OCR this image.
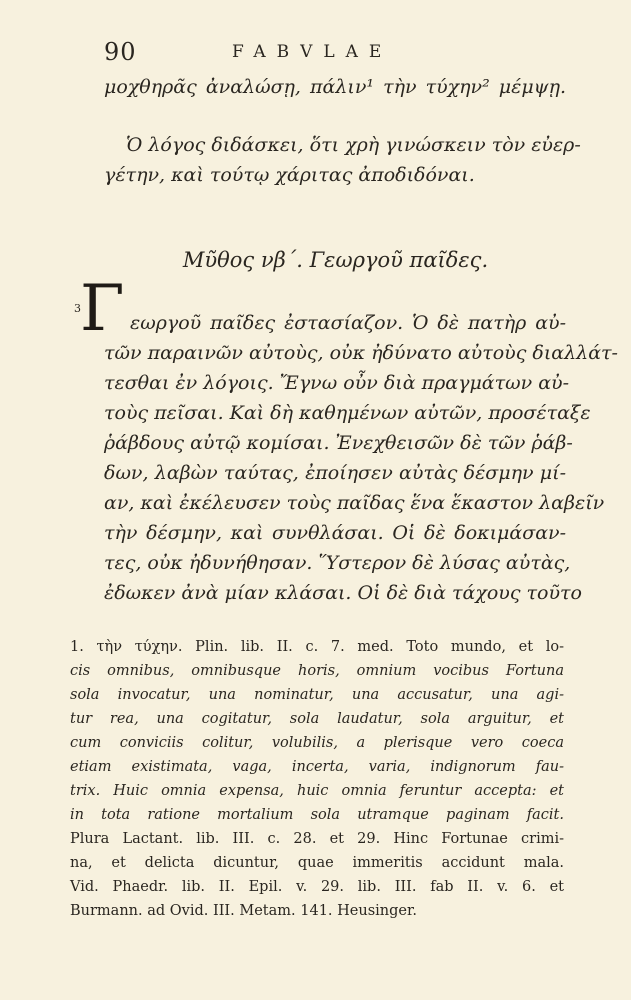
90	FABVLAE
μοχθηρᾶς ἀναλώσῃ, πάλιν¹ τὴν τύχην² μέμψῃ.
Ὁ λόγος διδάσκει, ὅτι χρὴ γινώσκειν τὸν εὐερ-
γέτην, καὶ τούτῳ χάριτας ἀποδιδόναι.
Μῦθος νβ΄. Γεωργοῦ παῖδες.
Γ
3
εωργοῦ παῖδες ἐστασίαζον. Ὁ δὲ πατὴρ αὐ-
τῶν παραινῶν αὐτοὺς, οὐκ ἠδύνατο αὐτοὺς διαλλάτ-
τεσθαι ἐν λόγοις. Ἔγνω οὖν διὰ πραγμάτων αὐ-
τοὺς πεῖσαι. Καὶ δὴ καθημένων αὐτῶν, προσέταξε
ῥάβδους αὐτῷ κομίσαι. Ἐνεχθεισῶν δὲ τῶν ῥάβ-
δων, λαβὼν ταύτας, ἐποίησεν αὐτὰς δέσμην μί-
αν, καὶ ἐκέλευσεν τοὺς παῖδας ἕνα ἕκαστον λαβεῖν
τὴν δέσμην, καὶ συνθλάσαι. Οἱ δὲ δοκιμάσαν-
τες, οὐκ ἠδυνήθησαν. Ὕστερον δὲ λύσας αὐτὰς,
ἐδωκεν ἀνὰ μίαν κλάσαι. Οἱ δὲ διὰ τάχους τοῦτο
1. τὴν τύχην. Plin. lib. II. c. 7. med. Toto mundo, et lo-
cis omnibus, omnibusque horis, omnium vocibus Fortuna
sola invocatur, una nominatur, una accusatur, una agi-
tur rea, una cogitatur, sola laudatur, sola arguitur, et
cum conviciis colitur, volubilis, a plerisque vero coeca
etiam existimata, vaga, incerta, varia, indignorum fau-
trix. Huic omnia expensa, huic omnia feruntur accepta: et
in tota ratione mortalium sola utramque paginam facit.
Plura Lactant. lib. III. c. 28. et 29. Hinc Fortunae crimi-
na, et delicta dicuntur, quae immeritis accidunt mala.
Vid. Phaedr. lib. II. Epil. v. 29. lib. III. fab II. v. 6. et
Burmann. ad Ovid. III. Metam. 141. Heusinger.
